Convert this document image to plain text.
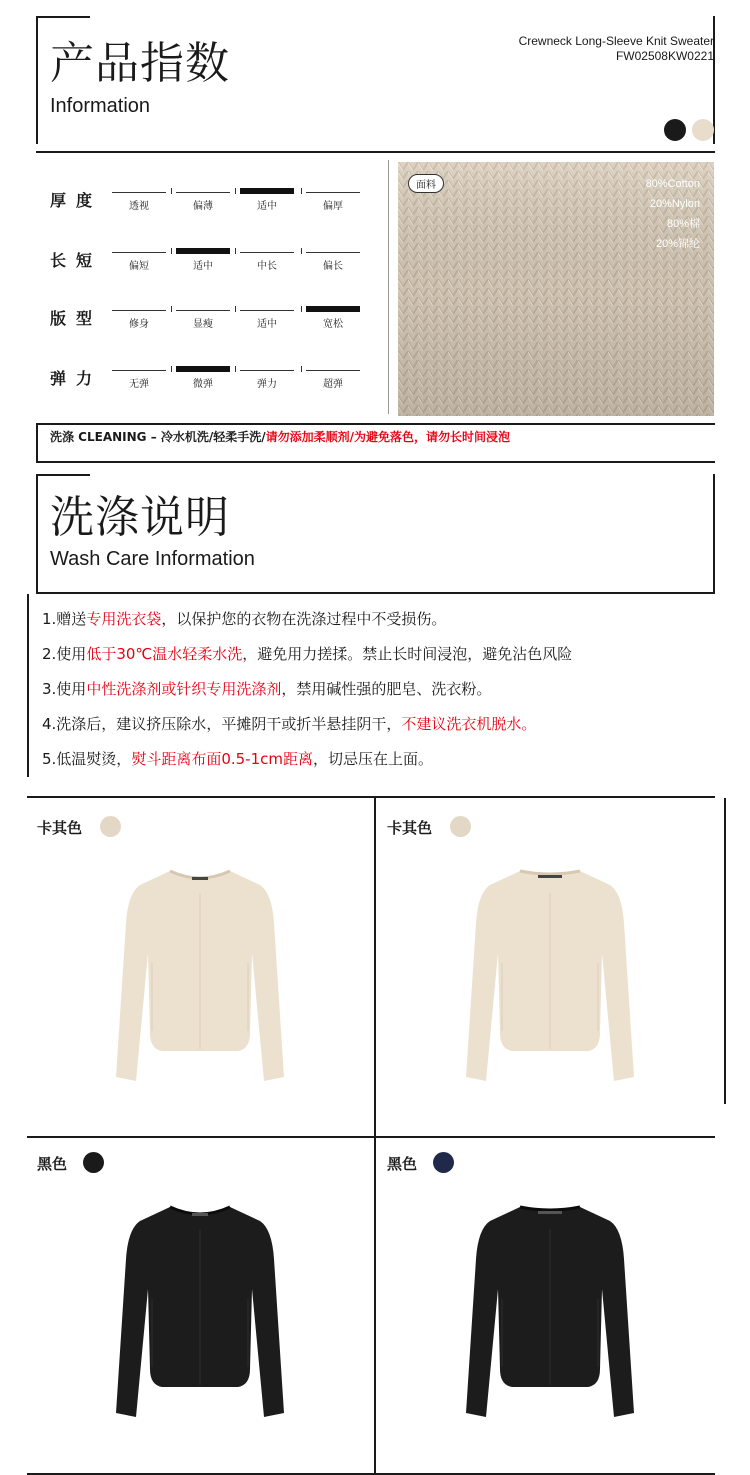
产品指数
Information
Crewneck Long-Sleeve Knit Sweater
FW02508KW0221
厚度	透视	偏薄	适中	偏厚
长短	偏短	适中	中长	偏长
版型	修身	显瘦	适中	宽松
弹力	无弹	微弹	弹力	超弹
面料	80%Cotton
20%Nylon
80%棉
20%锦纶
洗涤 CLEANING – 冷水机洗/轻柔手洗/请勿添加柔顺剂/为避免落色，请勿长时间浸泡
洗涤说明
Wash Care Information
1.赠送专用洗衣袋，以保护您的衣物在洗涤过程中不受损伤。
2.使用低于30℃温水轻柔水洗，避免用力搓揉。禁止长时间浸泡，避免沾色风险
3.使用中性洗涤剂或针织专用洗涤剂，禁用碱性强的肥皂、洗衣粉。
4.洗涤后，建议挤压除水，平摊阴干或折半悬挂阴干，不建议洗衣机脱水。
5.低温熨烫，熨斗距离布面0.5-1cm距离，切忌压在上面。
卡其色	卡其色
黑色	黑色
